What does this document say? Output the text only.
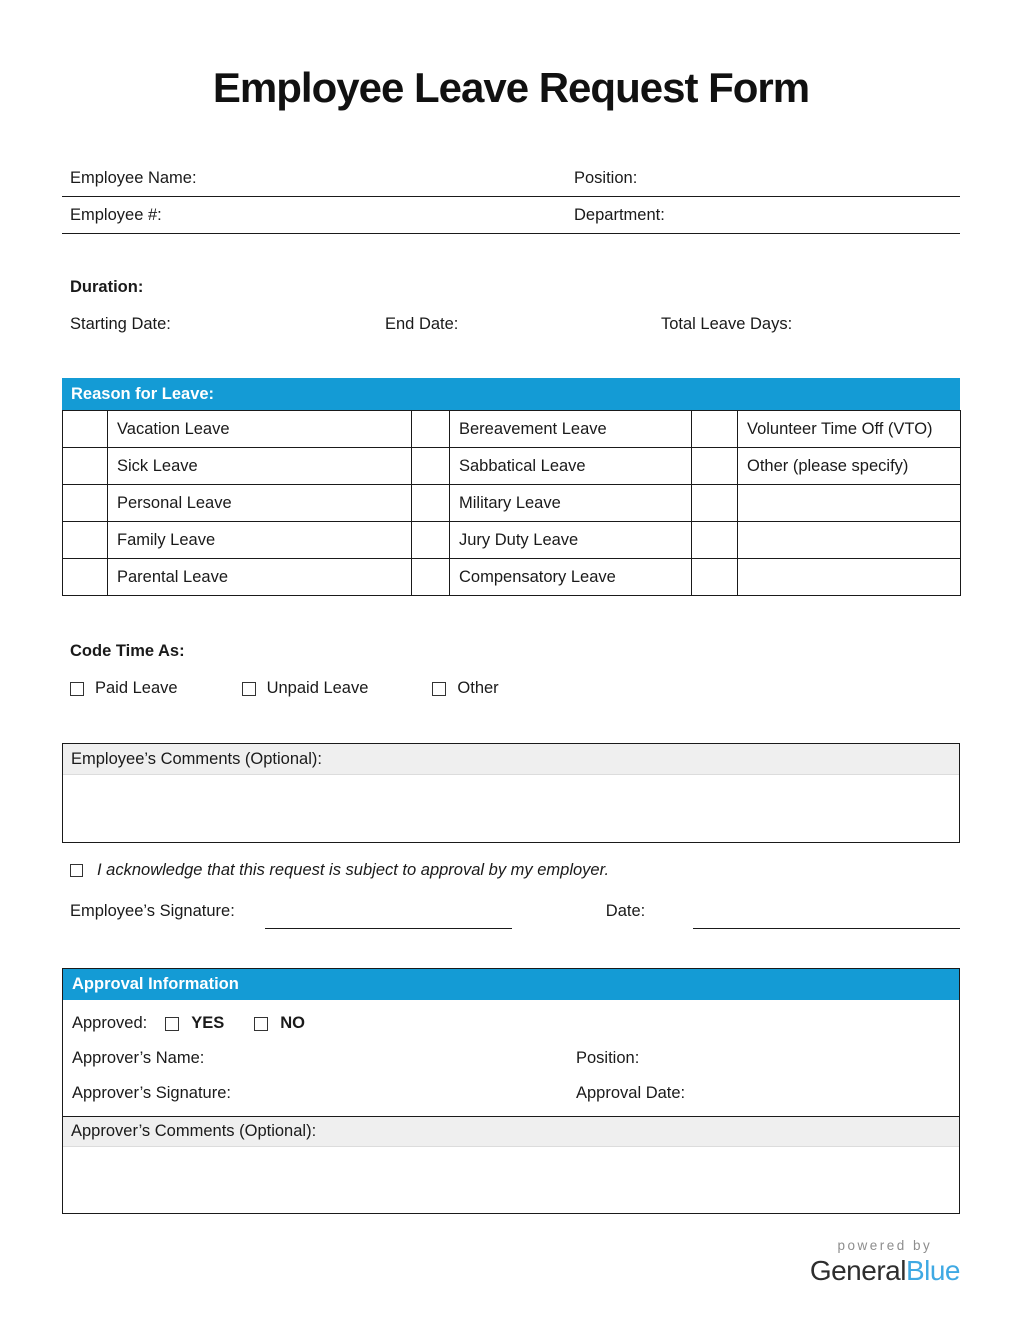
Employee Leave Request Form
Employee Name:	Position:
Employee #:	Department:
Duration:
Starting Date:	End Date:	Total Leave Days:
Reason for Leave:
	Vacation Leave		Bereavement Leave		Volunteer Time Off (VTO)
	Sick Leave		Sabbatical Leave		Other (please specify)
	Personal Leave		Military Leave		
	Family Leave		Jury Duty Leave		
	Parental Leave		Compensatory Leave		
Code Time As:
Paid Leave	Unpaid Leave	Other
Employee’s Comments (Optional):
I acknowledge that this request is subject to approval by my employer.
Employee’s Signature:	Date:
Approval Information
Approved:	YES	NO
Approver’s Name:	Position:
Approver’s Signature:	Approval Date:
Approver’s Comments (Optional):
powered by
GeneralBlue
